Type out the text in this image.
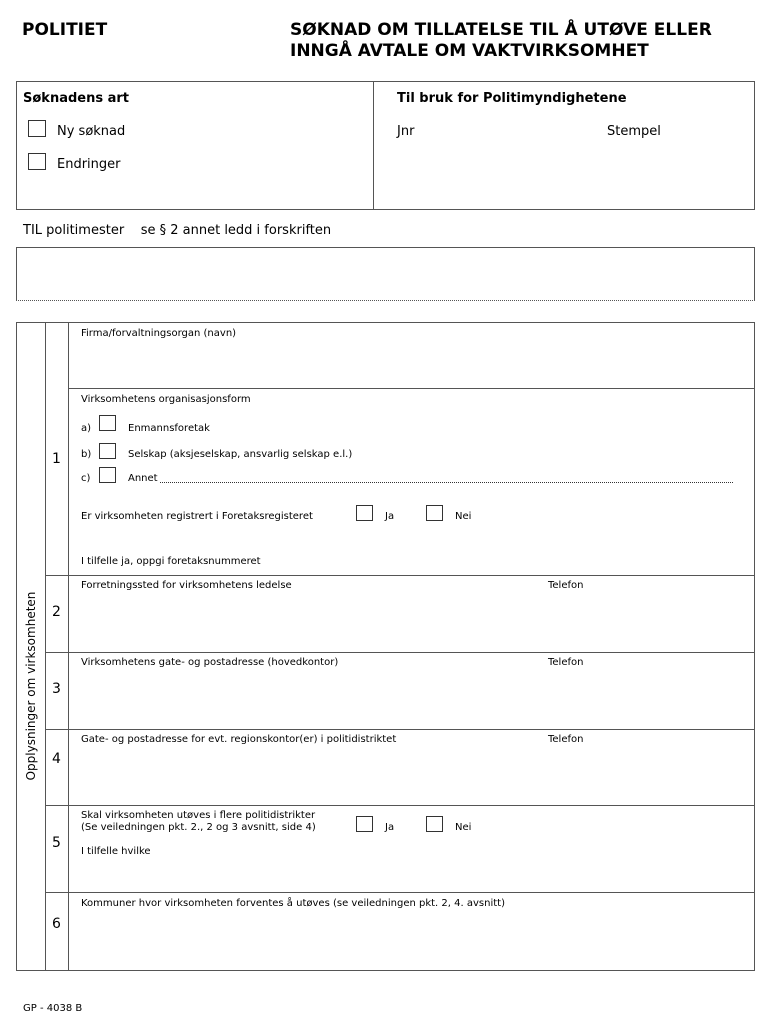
POLITIET	SØKNAD OM TILLATELSE TIL Å UTØVE ELLER
INNGÅ AVTALE OM VAKTVIRKSOMHET
Søknadens art
Ny søknad
Endringer
Til bruk for Politimyndighetene
Jnr	Stempel
TIL politimester se § 2 annet ledd i forskriften
Opplysninger om virksomheten
1
Firma/forvaltningsorgan (navn)
Virksomhetens organisasjonsform
a)	Enmannsforetak
b)	Selskap (aksjeselskap, ansvarlig selskap e.l.)
c)	Annet
Er virksomheten registrert i Foretaksregisteret	Ja	Nei
I tilfelle ja, oppgi foretaksnummeret
2
Forretningssted for virksomhetens ledelse	Telefon
3
Virksomhetens gate- og postadresse (hovedkontor)	Telefon
4
Gate- og postadresse for evt. regionskontor(er) i politidistriktet	Telefon
5
Skal virksomheten utøves i flere politidistrikter
(Se veiledningen pkt. 2., 2 og 3 avsnitt, side 4)	Ja	Nei
I tilfelle hvilke
6
Kommuner hvor virksomheten forventes å utøves (se veiledningen pkt. 2, 4. avsnitt)
GP - 4038 B
